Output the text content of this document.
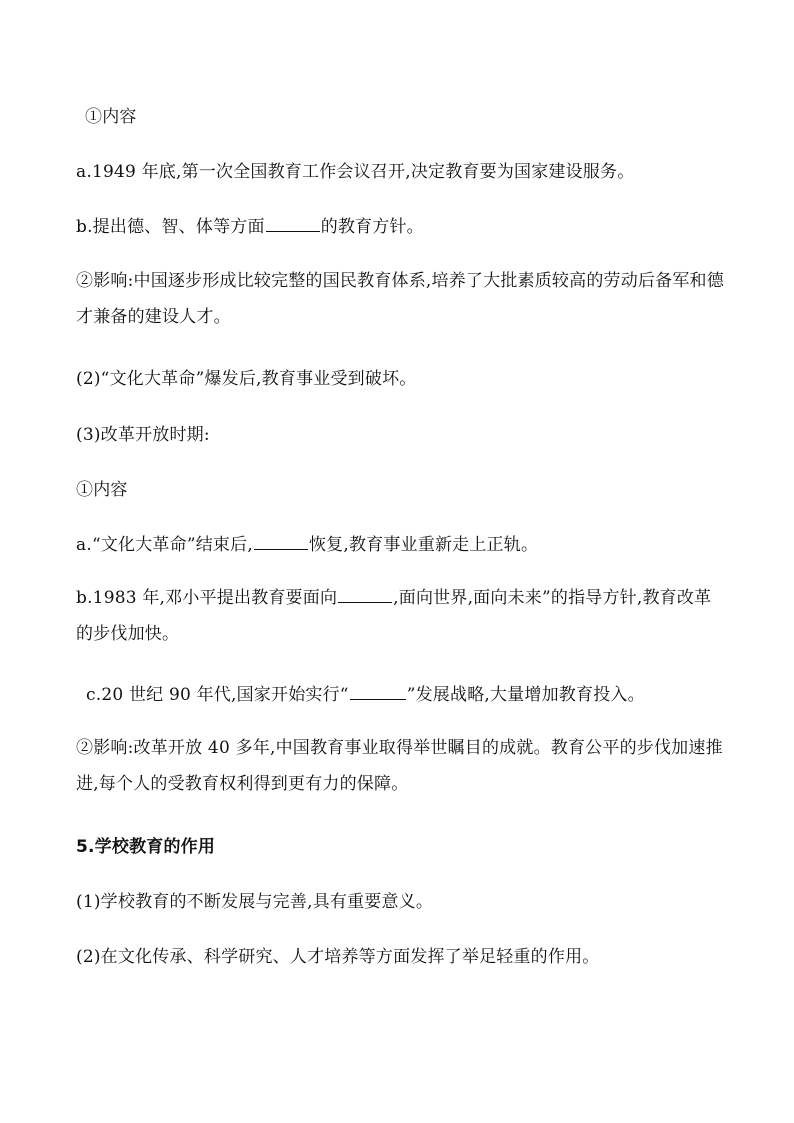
①内容
a.1949 年底,第一次全国教育工作会议召开,决定教育要为国家建设服务。
b.提出德、智、体等方面	的教育方针。
②影响:中国逐步形成比较完整的国民教育体系,培养了大批素质较高的劳动后备军和德才兼备的建设人才。
(2)“文化大革命”爆发后,教育事业受到破坏。
(3)改革开放时期:
①内容
a.“文化大革命”结束后,	恢复,教育事业重新走上正轨。
b.1983 年,邓小平提出教育要面向	,面向世界,面向未来”的指导方针,教育改革的步伐加快。
c.20 世纪 90 年代,国家开始实行“	”发展战略,大量增加教育投入。
②影响:改革开放 40 多年,中国教育事业取得举世瞩目的成就。教育公平的步伐加速推进,每个人的受教育权利得到更有力的保障。
5.学校教育的作用
(1)学校教育的不断发展与完善,具有重要意义。
(2)在文化传承、科学研究、人才培养等方面发挥了举足轻重的作用。
